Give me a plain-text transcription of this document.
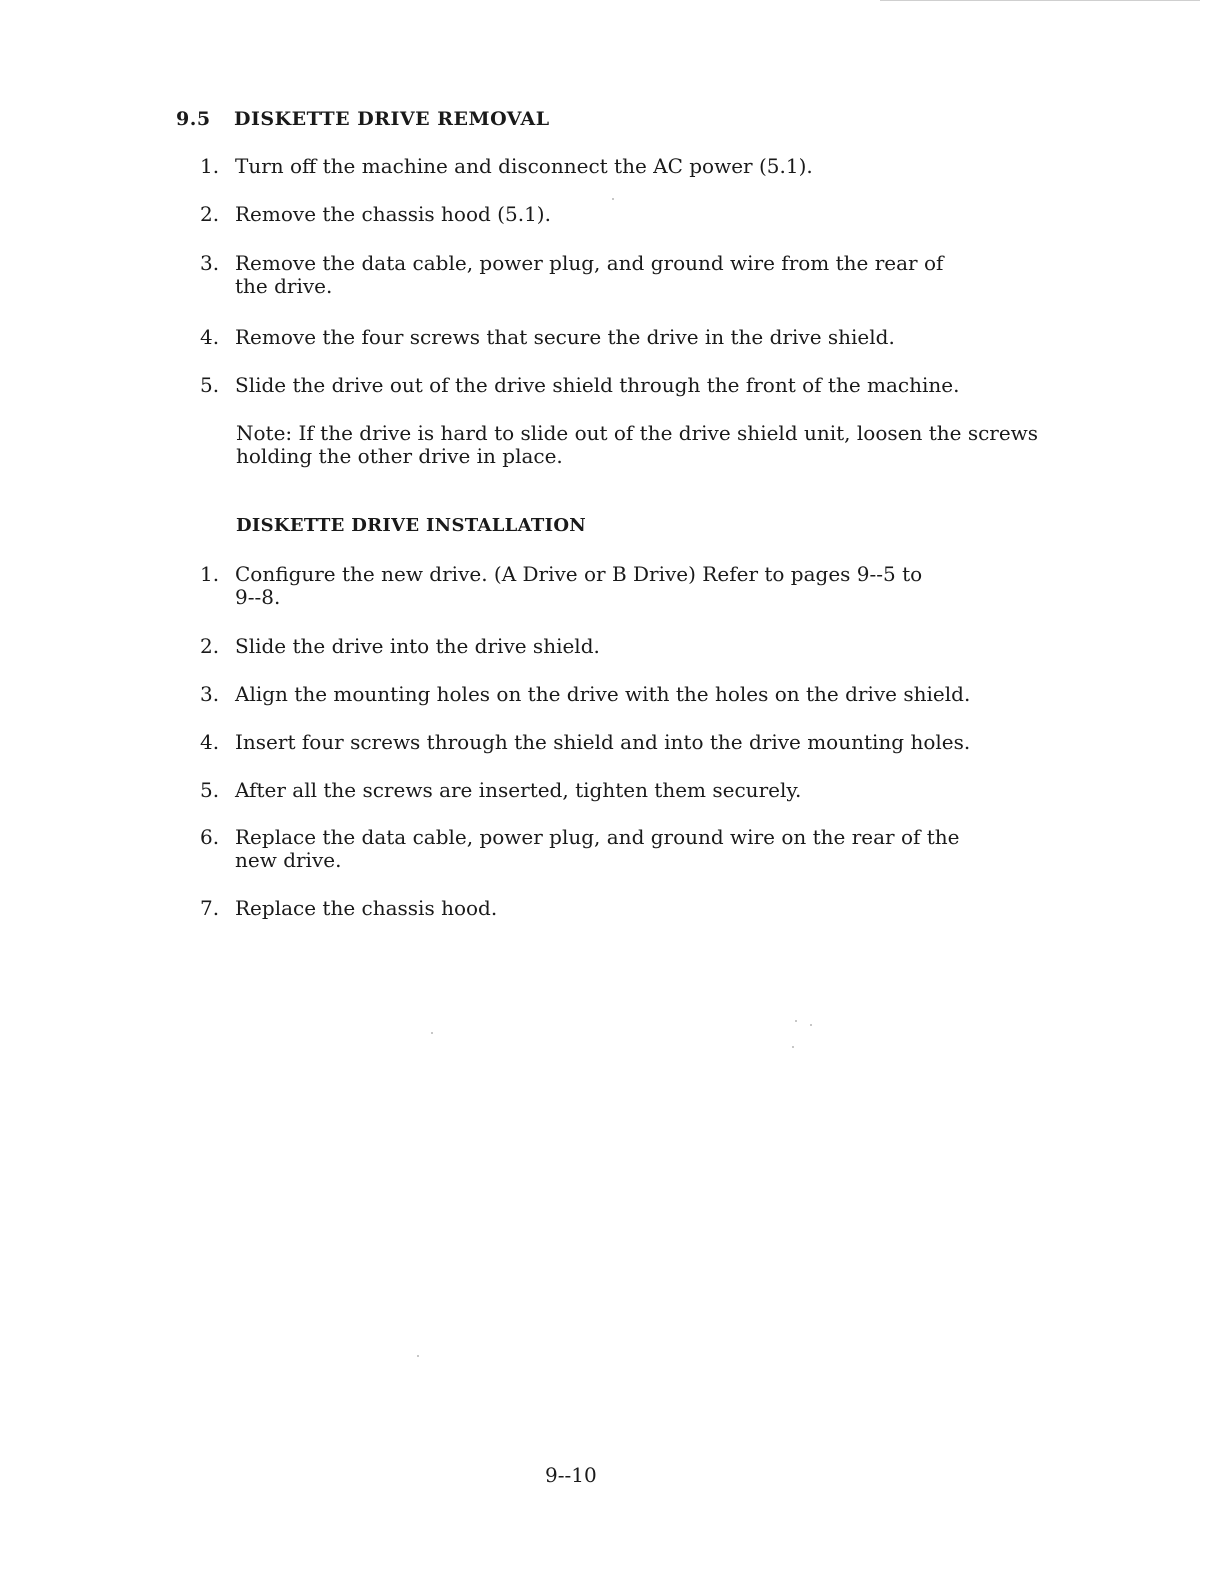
9.5 DISKETTE DRIVE REMOVAL
1. Turn off the machine and disconnect the AC power (5.1).
2. Remove the chassis hood (5.1).
3. Remove the data cable, power plug, and ground wire from the rear of
the drive.
4. Remove the four screws that secure the drive in the drive shield.
5. Slide the drive out of the drive shield through the front of the machine.
Note: If the drive is hard to slide out of the drive shield unit, loosen the screws holding the other drive in place.
DISKETTE DRIVE INSTALLATION
1. Configure the new drive. (A Drive or B Drive) Refer to pages 9--5 to
9--8.
2. Slide the drive into the drive shield.
3. Align the mounting holes on the drive with the holes on the drive shield.
4. Insert four screws through the shield and into the drive mounting holes.
5. After all the screws are inserted, tighten them securely.
6. Replace the data cable, power plug, and ground wire on the rear of the
new drive.
7. Replace the chassis hood.
9--10
